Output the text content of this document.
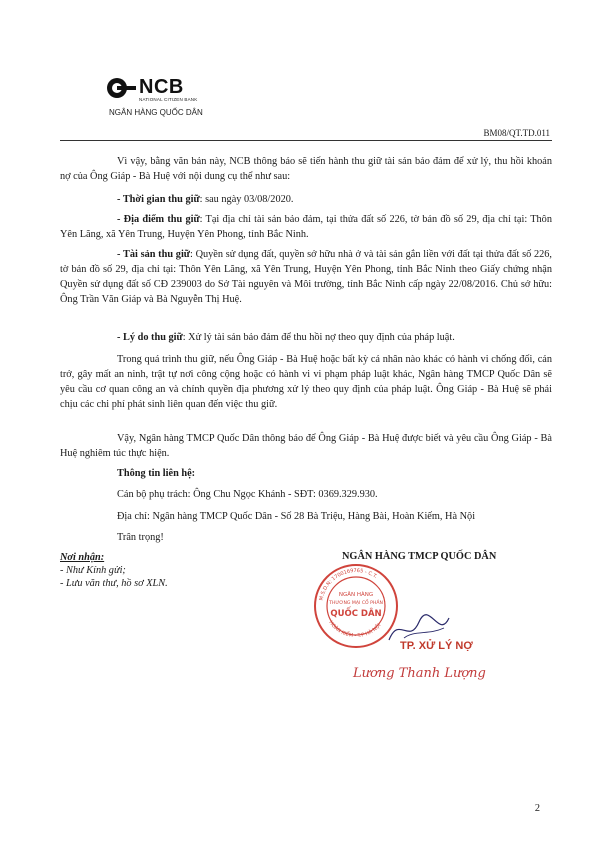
NCB
NATIONAL CITIZEN BANK
NGÂN HÀNG QUỐC DÂN
BM08/QT.TD.011

Vì vậy, bằng văn bản này, NCB thông báo sẽ tiến hành thu giữ tài sản bảo đảm để xử lý, thu hồi khoản nợ của Ông Giáp - Bà Huệ với nội dung cụ thể như sau:

- Thời gian thu giữ: sau ngày 03/08/2020.

- Địa điểm thu giữ: Tại địa chỉ tài sản bảo đảm, tại thửa đất số 226, tờ bản đồ số 29, địa chỉ tại: Thôn Yên Lãng, xã Yên Trung, Huyện Yên Phong, tỉnh Bắc Ninh.

- Tài sản thu giữ: Quyền sử dụng đất, quyền sở hữu nhà ở và tài sản gắn liền với đất tại thửa đất số 226, tờ bản đồ số 29, địa chỉ tại: Thôn Yên Lãng, xã Yên Trung, Huyện Yên Phong, tỉnh Bắc Ninh theo Giấy chứng nhận Quyền sử dụng đất số CĐ 239003 do Sở Tài nguyên và Môi trường, tỉnh Bắc Ninh cấp ngày 22/08/2016. Chủ sở hữu: Ông Trần Văn Giáp và Bà Nguyễn Thị Huệ.

- Lý do thu giữ: Xử lý tài sản bảo đảm để thu hồi nợ theo quy định của pháp luật.

Trong quá trình thu giữ, nếu Ông Giáp - Bà Huệ hoặc bất kỳ cá nhân nào khác có hành vi chống đối, cản trở, gây mất an ninh, trật tự nơi công cộng hoặc có hành vi vi phạm pháp luật khác, Ngân hàng TMCP Quốc Dân sẽ yêu cầu cơ quan công an và chính quyền địa phương xử lý theo quy định của pháp luật. Ông Giáp - Bà Huệ sẽ phải chịu các chi phí phát sinh liên quan đến việc thu giữ.

Vậy, Ngân hàng TMCP Quốc Dân thông báo để Ông Giáp - Bà Huệ được biết và yêu cầu Ông Giáp - Bà Huệ nghiêm túc thực hiện.

Thông tin liên hệ:
Cán bộ phụ trách: Ông Chu Ngọc Khánh - SĐT: 0369.329.930.
Địa chỉ: Ngân hàng TMCP Quốc Dân - Số 28 Bà Triệu, Hàng Bài, Hoàn Kiếm, Hà Nội
Trân trọng!
Nơi nhận:
- Như Kính gửi;
- Lưu văn thư, hồ sơ XLN.
NGÂN HÀNG TMCP QUỐC DÂN
NGÂN HÀNG
THƯƠNG MẠI CỔ PHẦN
QUỐC DÂN
M.S.D.N: 1700169765 - C.T.
HOÀN KIẾM - T.P HÀ NỘI
TP. XỬ LÝ NỢ
Lương Thanh Lượng
2
